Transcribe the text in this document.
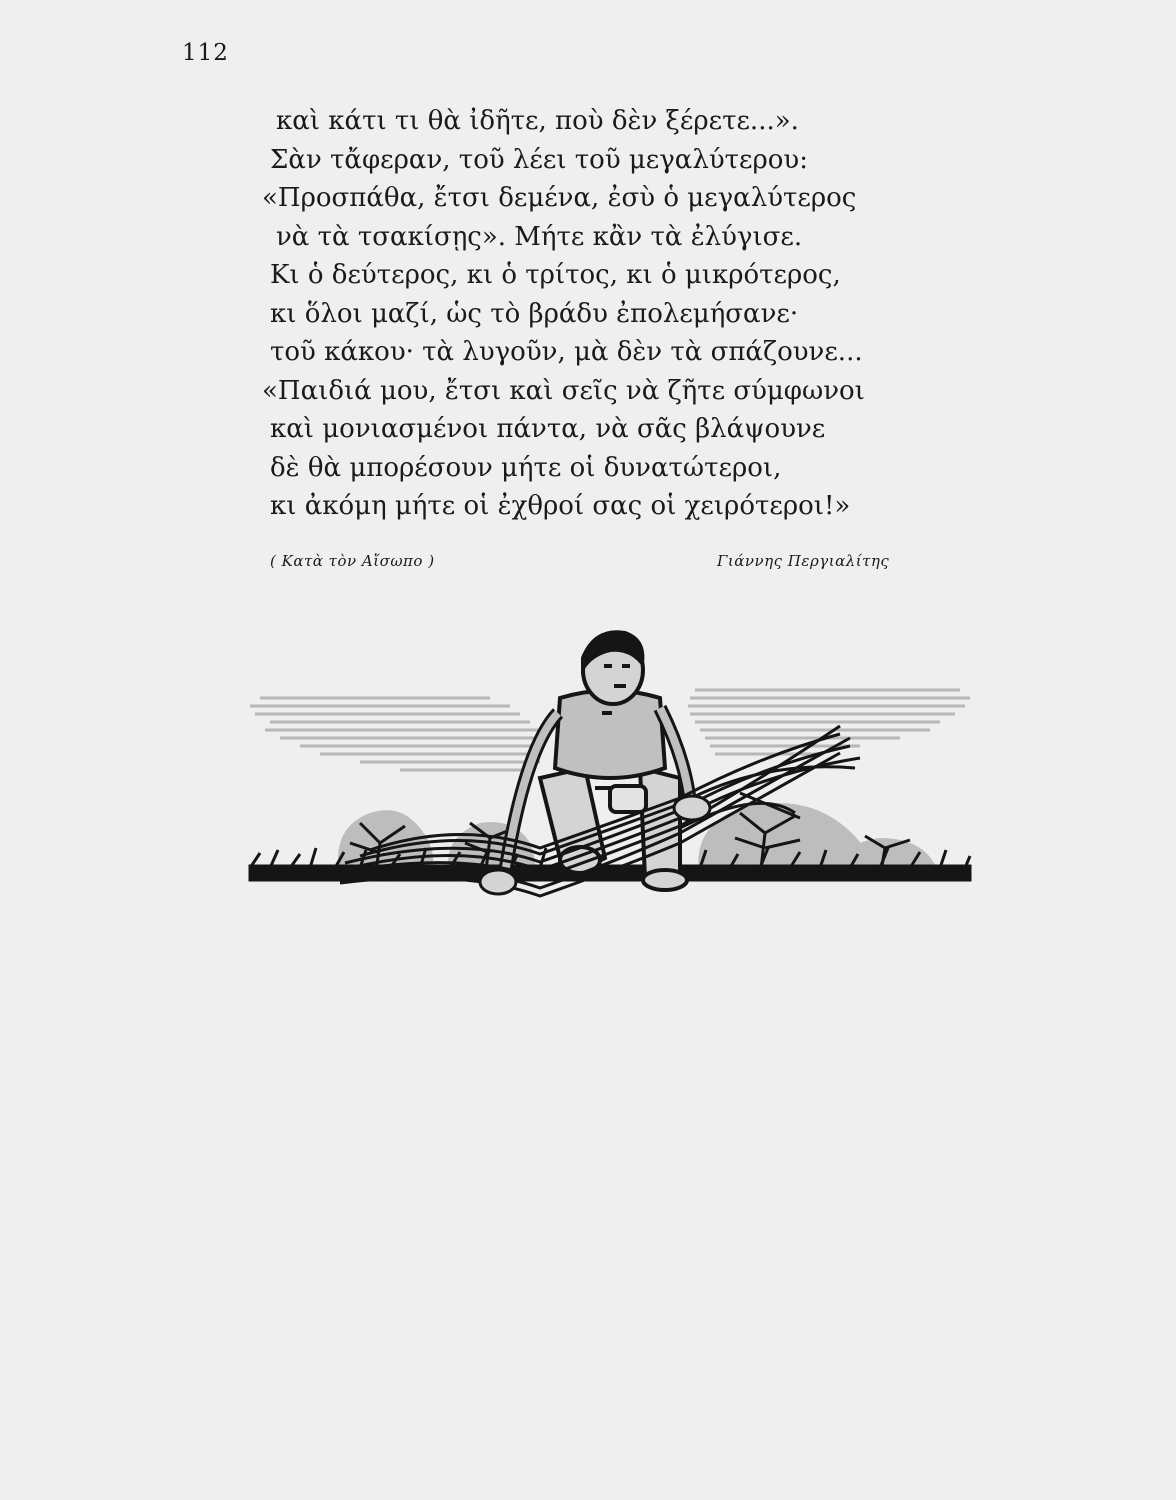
112
καὶ κάτι τι θὰ ἰδῆτε, ποὺ δὲν ξέρετε...».
Σὰν τἄφεραν, τοῦ λέει τοῦ μεγαλύτερου:
«Προσπάθα, ἔτσι δεμένα, ἐσὺ ὁ μεγαλύτερος
νὰ τὰ τσακίσῃς». Μήτε κἂν τὰ ἐλύγισε.
Κι ὁ δεύτερος, κι ὁ τρίτος, κι ὁ μικρότερος,
κι ὅλοι μαζί, ὡς τὸ βράδυ ἐπολεμήσανε·
τοῦ κάκου· τὰ λυγοῦν, μὰ δὲν τὰ σπάζουνε...
«Παιδιά μου, ἔτσι καὶ σεῖς νὰ ζῆτε σύμφωνοι
καὶ μονιασμένοι πάντα, νὰ σᾶς βλάψουνε
δὲ θὰ μπορέσουν μήτε οἱ δυνατώτεροι,
κι ἀκόμη μήτε οἱ ἐχθροί σας οἱ χειρότεροι!»
( Κατὰ τὸν Αἴσωπο )	Γιάννης Περγιαλίτης
